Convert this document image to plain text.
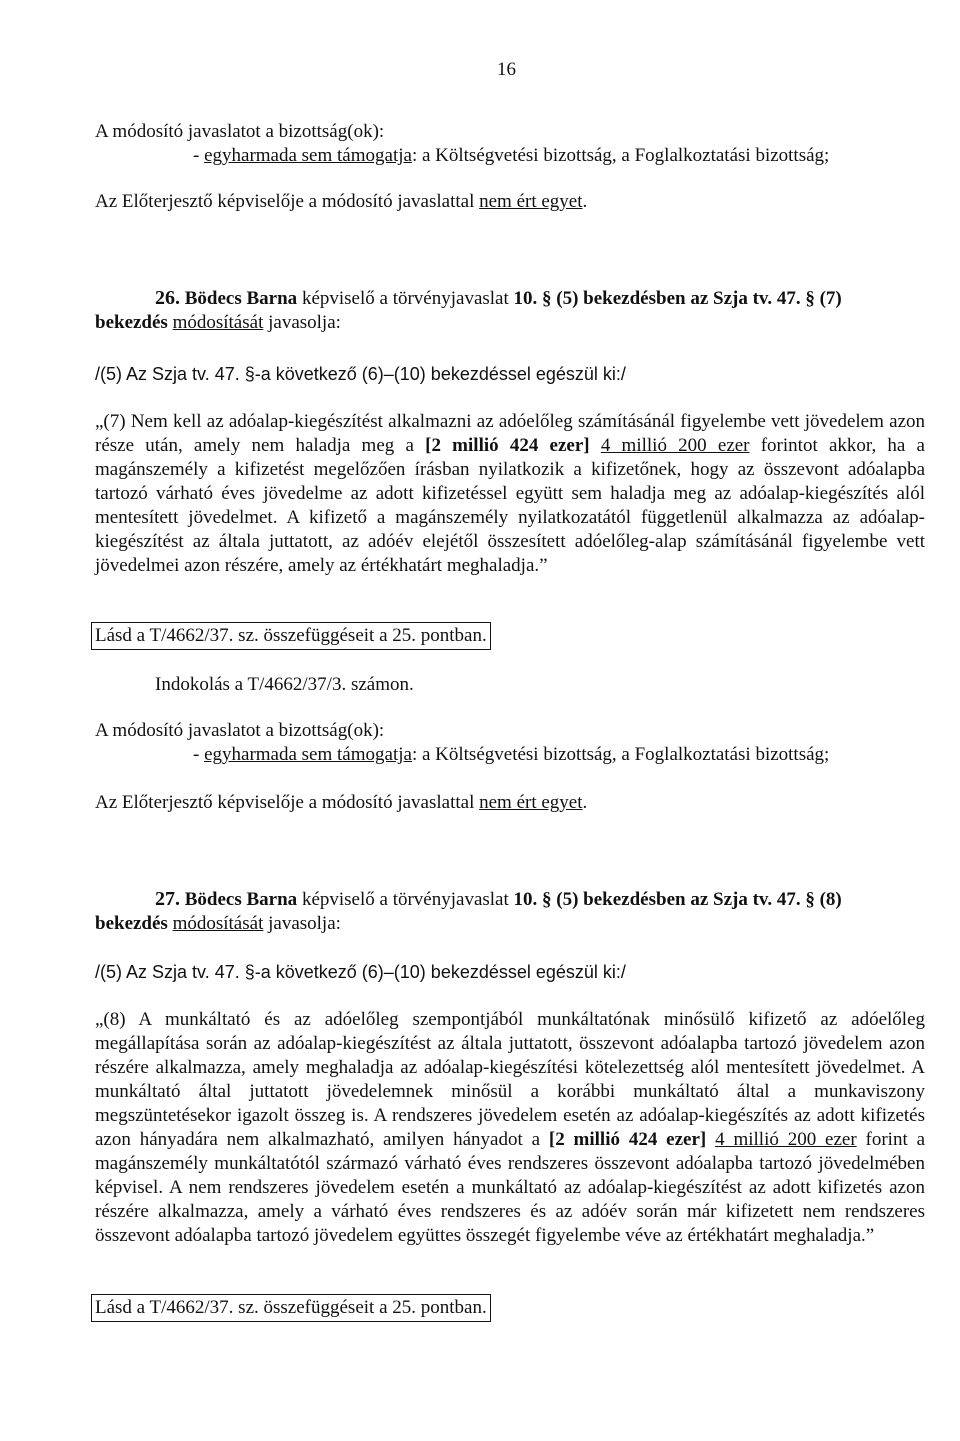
16
A módosító javaslatot a bizottság(ok):
- egyharmada sem támogatja: a Költségvetési bizottság, a Foglalkoztatási bizottság;
Az Előterjesztő képviselője a módosító javaslattal nem ért egyet.
26. Bödecs Barna képviselő a törvényjavaslat 10. § (5) bekezdésben az Szja tv. 47. § (7)
bekezdés módosítását javasolja:
/(5) Az Szja tv. 47. §-a következő (6)–(10) bekezdéssel egészül ki:/

„(7) Nem kell az adóalap-kiegészítést alkalmazni az adóelőleg számításánál figyelembe vett jövedelem azon része után, amely nem haladja meg a [2 millió 424 ezer] 4 millió 200 ezer forintot akkor, ha a magánszemély a kifizetést megelőzően írásban nyilatkozik a kifizetőnek, hogy az összevont adóalapba tartozó várható éves jövedelme az adott kifizetéssel együtt sem haladja meg az adóalap-kiegészítés alól mentesített jövedelmet. A kifizető a magánszemély nyilatkozatától függetlenül alkalmazza az adóalap-kiegészítést az általa juttatott, az adóév elejétől összesített adóelőleg-alap számításánál figyelembe vett jövedelmei azon részére, amely az értékhatárt meghaladja.”

Lásd a T/4662/37. sz. összefüggéseit a 25. pontban.
Indokolás a T/4662/37/3. számon.
A módosító javaslatot a bizottság(ok):
- egyharmada sem támogatja: a Költségvetési bizottság, a Foglalkoztatási bizottság;
Az Előterjesztő képviselője a módosító javaslattal nem ért egyet.
27. Bödecs Barna képviselő a törvényjavaslat 10. § (5) bekezdésben az Szja tv. 47. § (8)
bekezdés módosítását javasolja:
/(5) Az Szja tv. 47. §-a következő (6)–(10) bekezdéssel egészül ki:/

„(8) A munkáltató és az adóelőleg szempontjából munkáltatónak minősülő kifizető az adóelőleg megállapítása során az adóalap-kiegészítést az általa juttatott, összevont adóalapba tartozó jövedelem azon részére alkalmazza, amely meghaladja az adóalap-kiegészítési kötelezettség alól mentesített jövedelmet. A munkáltató által juttatott jövedelemnek minősül a korábbi munkáltató által a munkaviszony megszüntetésekor igazolt összeg is. A rendszeres jövedelem esetén az adóalap-kiegészítés az adott kifizetés azon hányadára nem alkalmazható, amilyen hányadot a [2 millió 424 ezer] 4 millió 200 ezer forint a magánszemély munkáltatótól származó várható éves rendszeres összevont adóalapba tartozó jövedelmében képvisel. A nem rendszeres jövedelem esetén a munkáltató az adóalap-kiegészítést az adott kifizetés azon részére alkalmazza, amely a várható éves rendszeres és az adóév során már kifizetett nem rendszeres összevont adóalapba tartozó jövedelem együttes összegét figyelembe véve az értékhatárt meghaladja.”

Lásd a T/4662/37. sz. összefüggéseit a 25. pontban.
